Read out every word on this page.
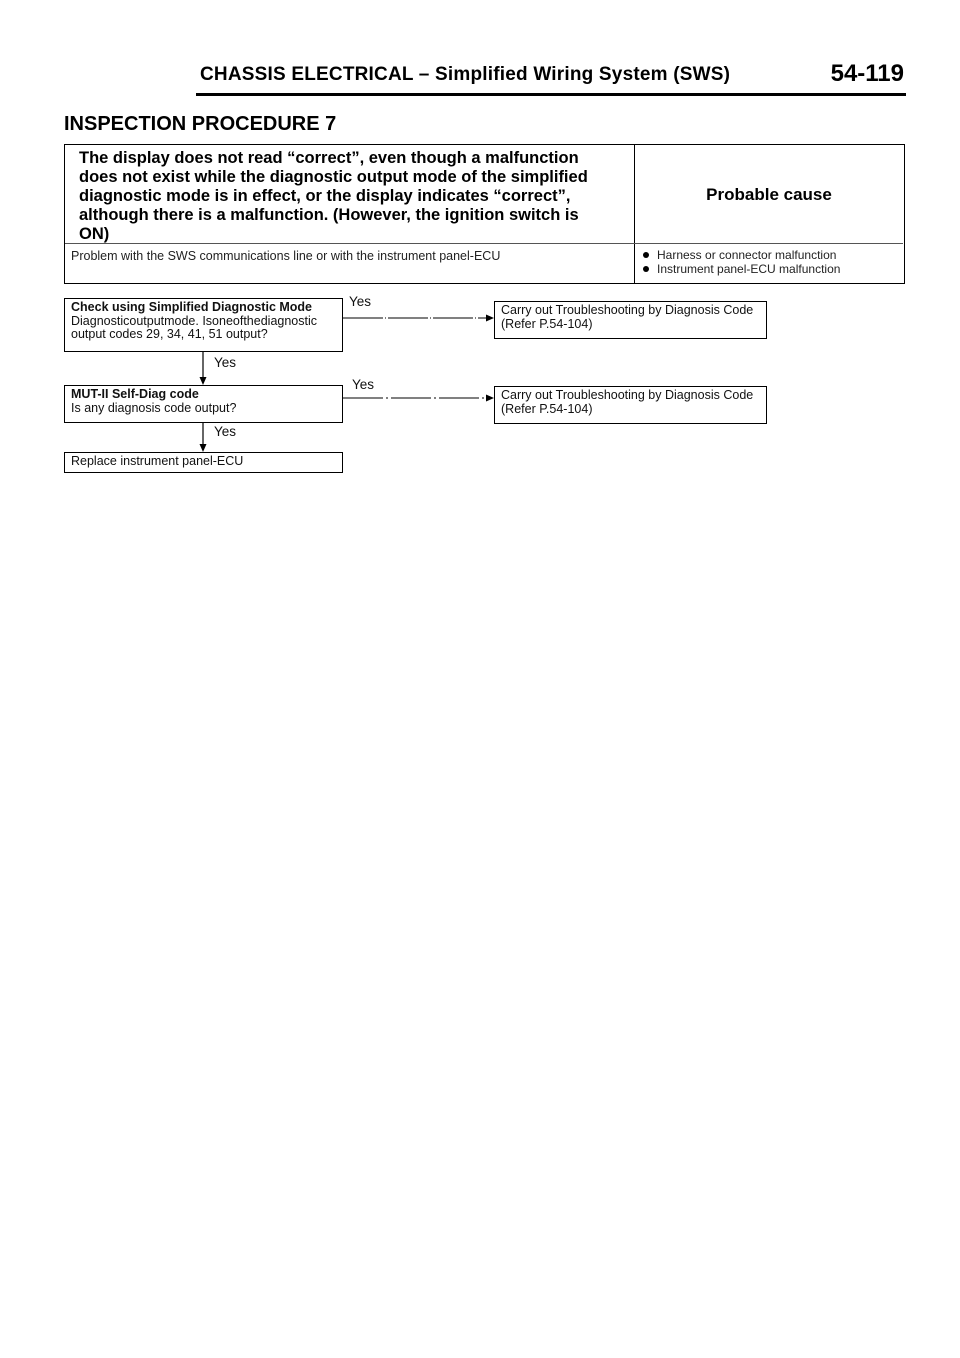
CHASSIS ELECTRICAL – Simplified Wiring System (SWS)	54-119
INSPECTION PROCEDURE 7
The display does not read “correct”, even though a malfunction
does not exist while the diagnostic output mode of the simplified
diagnostic mode is in effect, or the display indicates “correct”,
although there is a malfunction. (However, the ignition switch is
ON)
Probable cause
Problem with the SWS communications line or with the instrument panel-ECU	Harness or connector malfunction
Instrument panel-ECU malfunction
Check using Simplified Diagnostic Mode
Diagnosticoutputmode. Isoneofthediagnostic
output codes 29, 34, 41, 51 output?
MUT-II Self-Diag code
Is any diagnosis code output?
Replace instrument panel-ECU
Carry out Troubleshooting by Diagnosis Code
(Refer P.54-104)
Carry out Troubleshooting by Diagnosis Code
(Refer P.54-104)
Yes
Yes
Yes
Yes
